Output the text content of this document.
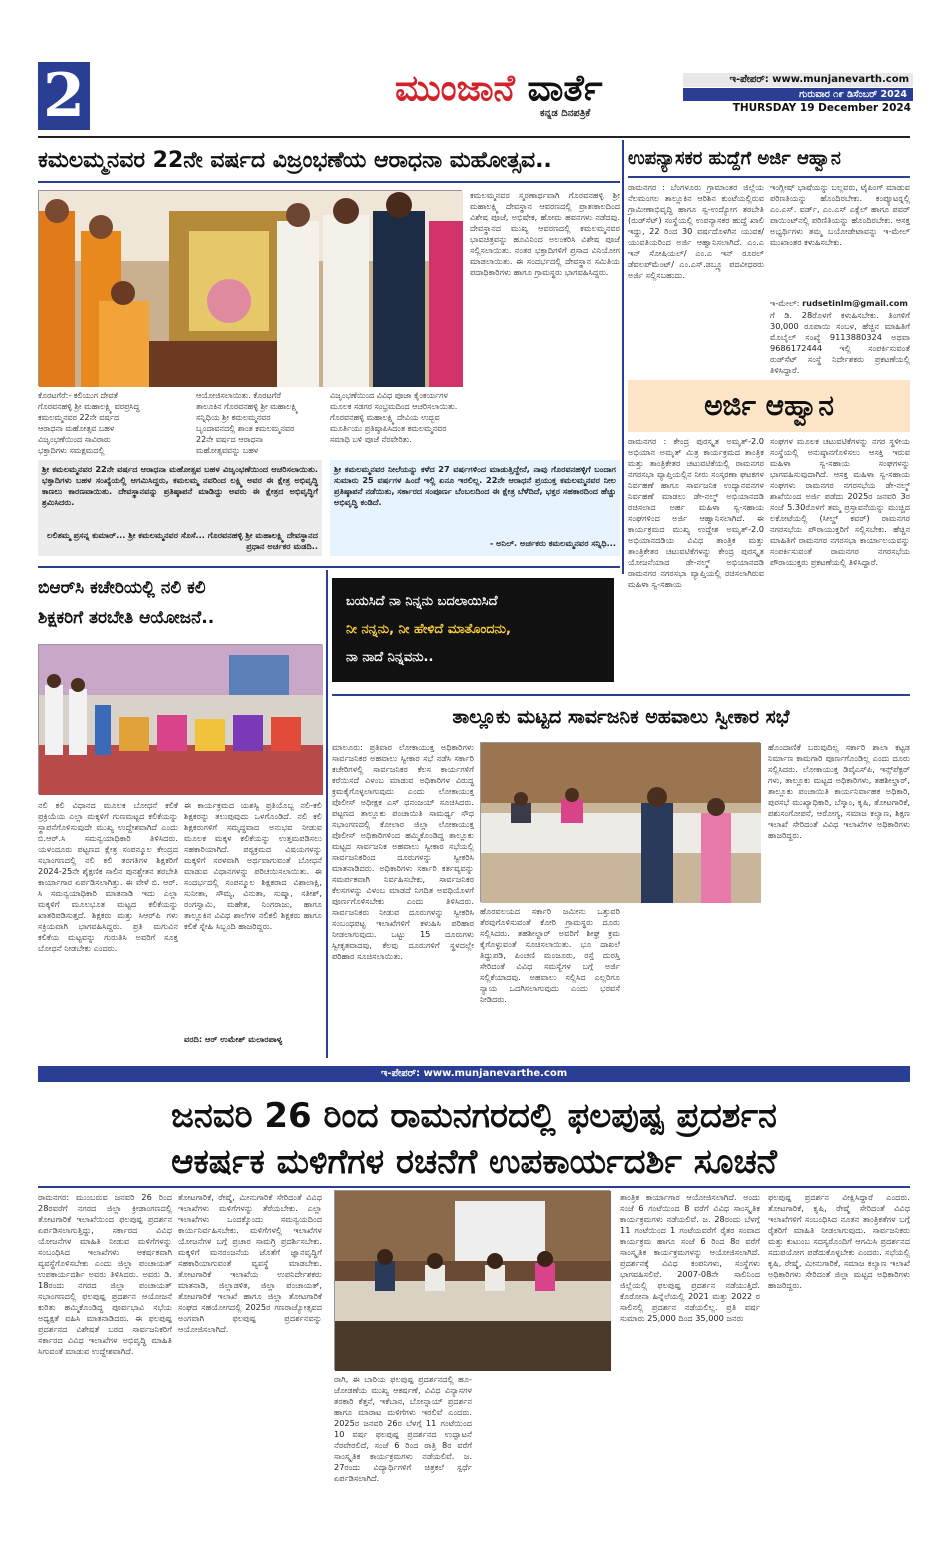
2	ಮುಂಜಾನೆ ವಾರ್ತೆ
ಕನ್ನಡ ದಿನಪತ್ರಿಕೆ
ಇ-ಪೇಪರ್: www.munjanevarth.com
ಗುರುವಾರ ೧೯ ಡಿಸೆಂಬರ್ 2024
THURSDAY 19 December 2024
ಕಮಲಮ್ಮನವರ 22ನೇ ವರ್ಷದ ವಿಜ್ರಂಭಣೆಯ ಆರಾಧನಾ ಮಹೋತ್ಸವ..
ಕೊರಟಗೆರೆ:- ಕಲಿಯುಗ ದೇವತೆ ಗೊರವನಹಳ್ಳಿ ಶ್ರೀ ಮಹಾಲಕ್ಷ್ಮಿ ವರಪ್ರಸಿದ್ಧ ಕಮಲಮ್ಮನವರ 22ನೇ ವರ್ಷದ ಆರಾಧನಾ ಮಹೋತ್ಸವ ಬಹಳ ವಿಜೃಂಭಣೆಯಿಂದ ಸಾವಿರಾರು ಭಕ್ತಾದಿಗಳು ಸಮಕ್ಷಮದಲ್ಲಿ
ಆಯೋಜಿಸಲಾಯಿತು. ಕೊರಟಗೆರೆ ತಾಲೂಕಿನ ಗೊರವನಹಳ್ಳಿ ಶ್ರೀ ಮಹಾಲಕ್ಷ್ಮಿ ಸನ್ನಿಧಿಯ ಶ್ರೀ ಕಮಲಮ್ಮನವರ ಬೃಂದಾವನದಲ್ಲಿ ಶಾಂತ ಕಮಲಮ್ಮನವರ 22ನೇ ವರ್ಷದ ಆರಾಧನಾ ಮಹೋತ್ಸವವನ್ನು ಬಹಳ
ಕಮಲಮ್ಮನವರ ಸ್ಮರಣಾರ್ಥವಾಗಿ ಗೊರವನಹಳ್ಳಿ ಶ್ರೀ ಮಹಾಲಕ್ಷ್ಮಿ ದೇವಸ್ಥಾನ ಆವರಣದಲ್ಲಿ ಪ್ರಾತಃಕಾಲದಿಂದ ವಿಶೇಷ ಪೂಜೆ, ಅಭಿಷೇಕ, ಹೋಮ ಹವನಗಳು ನಡೆದವು. ದೇವಸ್ಥಾನದ ಮುಖ್ಯ ಆವರಣದಲ್ಲಿ ಕಮಲಮ್ಮನವರ ಭಾವಚಿತ್ರವನ್ನು ಹೂವಿನಿಂದ ಅಲಂಕರಿಸಿ ವಿಶೇಷ ಪೂಜೆ ಸಲ್ಲಿಸಲಾಯಿತು. ನಂತರ ಭಕ್ತಾದಿಗಳಿಗೆ ಪ್ರಸಾದ ವಿನಿಯೋಗ ಮಾಡಲಾಯಿತು. ಈ ಸಂದರ್ಭದಲ್ಲಿ ದೇವಸ್ಥಾನ ಸಮಿತಿಯ ಪದಾಧಿಕಾರಿಗಳು ಹಾಗೂ ಗ್ರಾಮಸ್ಥರು ಭಾಗವಹಿಸಿದ್ದರು.
ವಿಜೃಂಭಣೆಯಿಂದ ವಿವಿಧ ಪೂಜಾ ಕೈಂಕರ್ಯಗಳ ಮೂಲಕ ಸಡಗರ ಸಂಭ್ರಮದಿಂದ ಆಚರಿಸಲಾಯಿತು. ಗೊರವನಹಳ್ಳಿ ಮಹಾಲಕ್ಷ್ಮಿ ದೇವಿಯ ಉದ್ಭವ ಮೂರ್ತಿಯು ಪ್ರತಿಷ್ಠಾಪಿಸಿದಂತ ಕಮಲಮ್ಮನವರ ಸಮಾಧಿ ಬಳಿ ಪೂಜೆ ನೆರವೇರಿತು.
ಶ್ರೀ ಕಮಲಮ್ಮನವರ 22ನೇ ವರ್ಷದ ಆರಾಧನಾ ಮಹೋತ್ಸವ ಬಹಳ ವಿಜೃಂಭಣೆಯಿಂದ ಆಚರಿಸಲಾಯಿತು. ಭಕ್ತಾದಿಗಳು ಬಹಳ ಸಂಖ್ಯೆಯಲ್ಲಿ ಆಗಮಿಸಿದ್ದರು, ಕಮಲಮ್ಮ ನವರಿಂದ ಲಕ್ಷ್ಮಿ ಅವರ ಈ ಕ್ಷೇತ್ರ ಅಭಿವೃದ್ಧಿ ಕಾಣಲು ಕಾರಣವಾಯಿತು. ದೇವಸ್ಥಾನವನ್ನು ಪ್ರತಿಷ್ಠಾಪನೆ ಮಾಡಿದ್ದು ಅವರು ಈ ಕ್ಷೇತ್ರದ ಅಭಿವೃದ್ಧಿಗೆ ಶ್ರಮಿಸಿದರು.
ಲಲಿತಮ್ಮ ಪ್ರಸನ್ನ ಕುಮಾರ್... ಶ್ರೀ ಕಮಲಮ್ಮನವರ ಸೊಸೆ... ಗೊರವನಹಳ್ಳಿ ಶ್ರೀ ಮಹಾಲಕ್ಷ್ಮಿ ದೇವಸ್ಥಾನದ ಪ್ರಧಾನ ಅರ್ಚಕರ ಮಡದಿ..
ಶ್ರೀ ಕಮಲಮ್ಮನವರ ನೀಲೆಯನ್ನು ಕಳೆದ 27 ವರ್ಷಗಳಿಂದ ಮಾಡುತ್ತಿದ್ದೇನೆ, ನಾವು ಗೊರವನಹಳ್ಳಿಗೆ ಬಂದಾಗ ಸುಮಾರು 25 ವರ್ಷಗಳ ಹಿಂದೆ ಇಲ್ಲಿ ಏನೂ ಇರಲಿಲ್ಲ. 22ನೇ ಆರಾಧನೆ ಪ್ರಯುಕ್ತ ಕಮಲಮ್ಮನವರ ನೀಲ ಪ್ರತಿಷ್ಠಾಪನೆ ನಡೆಯಿತು, ಸರ್ಕಾರದ ಸಂಪೂರ್ಣ ಬೆಂಬಲದಿಂದ ಈ ಕ್ಷೇತ್ರ ಬೆಳೆದಿದೆ, ಭಕ್ತರ ಸಹಕಾರದಿಂದ ಹೆಚ್ಚು ಅಭಿವೃದ್ಧಿ ಕಂಡಿದೆ.
- ಅನಿಲ್. ಅರ್ಚಕರು ಕಮಲಮ್ಮನವರ ಸನ್ನಿಧಿ...
ಉಪನ್ಯಾಸಕರ ಹುದ್ದೆಗೆ ಅರ್ಜಿ ಆಹ್ವಾನ
ರಾಮನಗರ : ಬೆಂಗಳೂರು ಗ್ರಾಮಾಂತರ ಜಿಲ್ಲೆಯ ನೆಲಮಂಗಲ ತಾಲ್ಲೂಕಿನ ಆರಿಶಿನ ಕುಂಟೆಯಲ್ಲಿರುವ ಗ್ರಾಮೀಣಾಭಿವೃದ್ಧಿ ಹಾಗೂ ಸ್ವ-ಉದ್ಯೋಗ ತರಬೇತಿ (ರುಡ್‍ಸೆಟ್) ಸಂಸ್ಥೆಯಲ್ಲಿ ಉಪನ್ಯಾಸಕರ ಹುದ್ದೆ ಖಾಲಿ ಇದ್ದು, 22 ರಿಂದ 30 ವರ್ಷದೊಳಗಿನ ಯುವಕ/ಯುವತಿಯರಿಂದ ಅರ್ಜಿ ಆಹ್ವಾನಿಸಲಾಗಿದೆ. ಎಂ.ಎ ಇನ್ ಸೋಷಿಯಲ್/ ಎಂ.ಎ ಇನ್ ರೂರಲ್ ಡೆವಲಪ್‍ಮೆಂಟ್/ ಎಂ.ಎಸ್.ಡಬ್ಲ್ಯೂ ಪದವೀಧರರು ಅರ್ಜಿ ಸಲ್ಲಿಸಬಹುದು.
ಇಂಗ್ಲೀಷ್ ಭಾಷೆಯನ್ನು ಬಲ್ಲವರು, ಟೈಪಿಂಗ್ ಮಾಡುವ ಪರಿಣತಿಯನ್ನು ಹೊಂದಿರಬೇಕು. ಕಂಪ್ಯೂಟರ್‍ನಲ್ಲಿ ಎಂ.ಎಸ್. ವರ್ಡ್, ಎಂ.ಎಸ್ ಎಕ್ಸೆಲ್ ಹಾಗೂ ಪವರ್ ಪಾಯಿಂಟ್‍ನಲ್ಲಿ ಪರಿಣಿತಿಯನ್ನು ಹೊಂದಿರಬೇಕು. ಆಸಕ್ತ ಅಭ್ಯರ್ಥಿಗಳು ತಮ್ಮ ಬಯೋಡೇಟಾವನ್ನು ಇ-ಮೇಲ್ ಮುಖಾಂತರ ಕಳುಹಿಸಬೇಕು.
ಇ-ಮೇಲ್: rudsetinlm@gmail.com
ಗೆ ಡಿ. 28ರೊಳಗೆ ಕಳುಹಿಸಬೇಕು. ತಿಂಗಳಿಗೆ 30,000 ರೂಪಾಯಿ ಸಂಬಳ, ಹೆಚ್ಚಿನ ಮಾಹಿತಿಗೆ ಮೊಬೈಲ್ ಸಂಖ್ಯೆ 9113880324 ಅಥವಾ 9686172444 ಇಲ್ಲಿ ಸಂಪರ್ಕಿಸುವಂತೆ ರುಡ್‍ಸೆಟ್ ಸಂಸ್ಥೆ ನಿರ್ದೇಶಕರು ಪ್ರಕಟಣೆಯಲ್ಲಿ ತಿಳಿಸಿದ್ದಾರೆ.
ಅರ್ಜಿ ಆಹ್ವಾನ
ರಾಮನಗರ : ಕೇಂದ್ರ ಪುರಸ್ಕೃತ ಅಮೃತ್-2.0 ಅಭಿಯಾನ ಅಮೃತ್ ಮಿತ್ರ ಕಾರ್ಯಕ್ರಮದ ತಾಂತ್ರಿಕ ಮತ್ತು ತಾಂತ್ರಿಕೇತರ ಚಟುವಟಿಕೆಯಲ್ಲಿ ರಾಮನಗರ ನಗರಸಭಾ ವ್ಯಾಪ್ತಿಯಲ್ಲಿನ ನೀರು ಸಂಸ್ಕರಣಾ ಘಟಕಗಳ ನಿರ್ವಹಣೆ ಹಾಗೂ ಸಾರ್ವಜನಿಕ ಉದ್ಯಾನವನಗಳ ನಿರ್ವಹಣೆ ಮಾಡಲು ಡೇ-ನಲ್ಮ್ ಅಭಿಯಾನದಡಿ ರಚಿಸಲಾದ ಅರ್ಹ ಮಹಿಳಾ ಸ್ವ-ಸಹಾಯ ಸಂಘಗಳಿಂದ ಅರ್ಜಿ ಆಹ್ವಾನಿಸಲಾಗಿದೆ. ಈ ಕಾರ್ಯಕ್ರಮದ ಮುಖ್ಯ ಉದ್ದೇಶ ಅಮೃತ್-2.0 ಅಭಿಯಾನದಡಿಯ ವಿವಿಧ ತಾಂತ್ರಿಕ ಮತ್ತು ತಾಂತ್ರಿಕೇತರ ಚಟುವಟಿಕೆಗಳನ್ನು ಕೇಂದ್ರ ಪುರಸ್ಕೃತ ಯೋಜನೆಯಾದ ಡೇ-ನಲ್ಮ್ ಅಭಿಯಾನದಡಿ ರಾಮನಗರ ನಗರಸಭಾ ವ್ಯಾಪ್ತಿಯಲ್ಲಿ ರಚಿಸಲಾಗಿರುವ ಮಹಿಳಾ ಸ್ವ-ಸಹಾಯ
ಸಂಘಗಳ ಮೂಲಕ ಚಟುವಟಿಕೆಗಳನ್ನು ನಗರ ಸ್ಥಳೀಯ ಸಂಸ್ಥೆಯಲ್ಲಿ ಅನುಷ್ಠಾನಗೊಳಿಸಲು ಆಸಕ್ತಿ ಇರುವ ಮಹಿಳಾ ಸ್ವ-ಸಹಾಯ ಸಂಘಗಳನ್ನು ಭಾಗವಹಿಸುವುದಾಗಿದೆ. ಆಸಕ್ತ ಮಹಿಳಾ ಸ್ವ-ಸಹಾಯ ಸಂಘಗಳು ರಾಮನಗರ ನಗರಸಭೆಯ ಡೇ-ನಲ್ಮ್ ಶಾಖೆಯಿಂದ ಅರ್ಜಿ ಪಡೆದು 2025ರ ಜನವರಿ 3ರ ಸಂಜೆ 5.30ರೊಳಗೆ ತಮ್ಮ ಪ್ರಸ್ತಾವನೆಯನ್ನು ಮುಚ್ಚಿದ ಲಕೋಟೆಯಲ್ಲಿ (ಸೀಲ್ಡ್ ಕವರ್) ರಾಮನಗರ ನಗರಸಭೆಯ ಪೌರಾಯುಕ್ತರಿಗೆ ಸಲ್ಲಿಸಬೇಕು. ಹೆಚ್ಚಿನ ಮಾಹಿತಿಗೆ ರಾಮನಗರ ನಗರಸಭಾ ಕಾರ್ಯಾಲಯವನ್ನು ಸಂಪರ್ಕಿಸುವಂತೆ ರಾಮನಗರ ನಗರಸಭೆಯ ಪೌರಾಯುಕ್ತರು ಪ್ರಕಟಣೆಯಲ್ಲಿ ತಿಳಿಸಿದ್ದಾರೆ.
ಬಿಆರ್‌ಸಿ ಕಚೇರಿಯಲ್ಲಿ ನಲಿ ಕಲಿ
ಶಿಕ್ಷಕರಿಗೆ ತರಬೇತಿ ಆಯೋಜನೆ..
ನಲಿ ಕಲಿ ವಿಧಾನದ ಮೂಲಕ ಬೋಧನೆ ಕಲಿಕೆ ಪ್ರಕ್ರಿಯೆಯ ಎಲ್ಲಾ ಮಕ್ಕಳಿಗೆ ಗುಣಮಟ್ಟದ ಕಲಿಕೆಯನ್ನು ಸ್ಥಾಪನೆಗೊಳಿಸುವುದೇ ಮುಖ್ಯ ಉದ್ದೇಶವಾಗಿದೆ ಎಂದು ಬಿ.ಆರ್.ಸಿ ಸಮನ್ವಯಾಧಿಕಾರಿ ತಿಳಿಸಿದರು. ಯಳಂದೂರು ಪಟ್ಟಣದ ಕ್ಷೇತ್ರ ಸಂಪನ್ಮೂಲ ಕೇಂದ್ರದ ಸಭಾಂಗಣದಲ್ಲಿ ನಲಿ ಕಲಿ ತರಗತಿಗಳ ಶಿಕ್ಷಕರಿಗೆ 2024-25ನೇ ಶೈಕ್ಷಣಿಕ ಸಾಲಿನ ಪುನಶ್ಚೇತನ ತರಬೇತಿ ಕಾರ್ಯಾಗಾರ ಏರ್ಪಡಿಸಲಾಗಿತ್ತು. ಈ ವೇಳೆ ಬಿ. ಆರ್. ಸಿ ಸಮನ್ವಯಾಧಿಕಾರಿ ಮಾತನಾಡಿ ಇದು ಎಲ್ಲಾ ಮಕ್ಕಳಿಗೆ ಮೂಲಭೂತ ಮಟ್ಟದ ಕಲಿಕೆಯನ್ನು ಖಾತರಿಪಡಿಸುತ್ತದೆ. ಶಿಕ್ಷಕರು ಮತ್ತು ಸಿಆರ್‌ಪಿ ಗಳು ಸಕ್ರಿಯವಾಗಿ ಭಾಗವಹಿಸಿದ್ದರು. ಪ್ರತಿ ಮಗುವಿನ ಕಲಿಕೆಯ ಮಟ್ಟವನ್ನು ಗುರುತಿಸಿ ಅವರಿಗೆ ಸೂಕ್ತ ಬೋಧನೆ ನೀಡಬೇಕು ಎಂದರು.
ಈ ಕಾರ್ಯಕ್ರಮದ ಯಶಸ್ವಿ ಪ್ರತಿಯೊಬ್ಬ ನಲಿ-ಕಲಿ ಶಿಕ್ಷಕರನ್ನು ತಲುಪುವುದು ಒಳಗೊಂಡಿದೆ. ನಲಿ ಕಲಿ ಶಿಕ್ಷಕರುಗಳಿಗೆ ಸಮೃದ್ಧವಾದ ಅನುಭವ ನೀಡುವ ಮೂಲಕ ಮಕ್ಕಳ ಕಲಿಕೆಯನ್ನು ಉತ್ತಮಪಡಿಸಲು ಸಹಕಾರಿಯಾಗಿದೆ. ಪಠ್ಯಕ್ರಮದ ವಿಷಯಗಳನ್ನು ಮಕ್ಕಳಿಗೆ ಸರಳವಾಗಿ ಅರ್ಥವಾಗುವಂತೆ ಬೋಧನೆ ಮಾಡುವ ವಿಧಾನಗಳನ್ನು ಪರಿಚಯಿಸಲಾಯಿತು. ಈ ಸಂದರ್ಭದಲ್ಲಿ ಸಂಪನ್ಮೂಲ ಶಿಕ್ಷಕರಾದ ವಿಶಾಲಾಕ್ಷಿ, ಸುನೀತಾ, ಸೌಮ್ಯ, ವಿನುತಾ, ಸುಷ್ಮಾ, ಸತೀಶ್, ರಂಗಸ್ವಾಮಿ, ಮಹೇಶ, ನಿಂಗರಾಜು, ಹಾಗೂ ತಾಲ್ಲೂಕಿನ ವಿವಿಧ ಶಾಲೆಗಳ ನಲಿಕಲಿ ಶಿಕ್ಷಕರು ಹಾಗೂ ಕಲಿಕೆ ಸ್ನೇಹಿ ಸಿಬ್ಬಂದಿ ಹಾಜರಿದ್ದರು.
ವರದಿ: ಆರ್ ಉಮೇಶ್ ಮಲಾರಪಾಳ್ಯ
ಬಯಸಿದೆ ನಾ ನಿನ್ನನು ಬದಲಾಯಿಸಿದೆ
ನೀ ನನ್ನನು, ನೀ ಹೇಳಿದೆ ಮಾತೊಂದನು,
ನಾ ನಾದೆ ನಿನ್ನವನು..
ತಾಲ್ಲೂಕು ಮಟ್ಟದ ಸಾರ್ವಜನಿಕ ಅಹವಾಲು ಸ್ವೀಕಾರ ಸಭೆ
ಮಾಲೂರು: ಪ್ರತಿವಾರ ಲೋಕಾಯುಕ್ತ ಅಧಿಕಾರಿಗಳು ಸಾರ್ವಜನಿಕರ ಅಹವಾಲು ಸ್ವೀಕಾರ ಸಭೆ ನಡೆಸಿ ಸರ್ಕಾರಿ ಕಚೇರಿಗಳಲ್ಲಿ ಸಾರ್ವಜನಿಕರ ಕೆಲಸ ಕಾರ್ಯಗಳಿಗೆ ಕರೆಯಿಸದೆ ವಿಳಂಬ ಮಾಡುವ ಅಧಿಕಾರಿಗಳ ವಿರುದ್ಧ ಕ್ರಮಕೈಗೊಳ್ಳಲಾಗುವುದು ಎಂದು ಲೋಕಾಯುಕ್ತ ಪೊಲೀಸ್ ಅಧೀಕ್ಷಕ ಎಸ್ ಧನಂಜಯ್ ಸೂಚಿಸಿದರು. ಪಟ್ಟಣದ ತಾಲ್ಲೂಕು ಪಂಚಾಯಿತಿ ಸಾಮರ್ಥ್ಯ ಸೌಧ ಸಭಾಂಗಣದಲ್ಲಿ ಕೋಲಾರ ಜಿಲ್ಲಾ ಲೋಕಾಯುಕ್ತ ಪೊಲೀಸ್ ಅಧಿಕಾರಿಗಳಿಂದ ಹಮ್ಮಿಕೊಂಡಿದ್ದ ತಾಲ್ಲೂಕು ಮಟ್ಟದ ಸಾರ್ವಜನಿಕ ಅಹವಾಲು ಸ್ವೀಕಾರ ಸಭೆಯಲ್ಲಿ ಸಾರ್ವಜನಿಕರಿಂದ ದೂರುಗಳನ್ನು ಸ್ವೀಕರಿಸಿ ಮಾತನಾಡಿದರು. ಅಧಿಕಾರಿಗಳು ಸರ್ಕಾರಿ ಕರ್ತವ್ಯವನ್ನು ಸಮರ್ಪಕವಾಗಿ ನಿರ್ವಹಿಸಬೇಕು, ಸಾರ್ವಜನಿಕರ ಕೆಲಸಗಳನ್ನು ವಿಳಂಬ ಮಾಡದೆ ನಿಗದಿತ ಅವಧಿಯೊಳಗೆ ಪೂರ್ಣಗೊಳಿಸಬೇಕು ಎಂದು ತಿಳಿಸಿದರು. ಸಾರ್ವಜನಿಕರು ನೀಡುವ ದೂರುಗಳನ್ನು ಸ್ವೀಕರಿಸಿ ಸಂಬಂಧಪಟ್ಟ ಇಲಾಖೆಗಳಿಗೆ ಕಳುಹಿಸಿ ಪರಿಹಾರ ನೀಡಲಾಗುವುದು. ಒಟ್ಟು 15 ದೂರುಗಳು ಸ್ವೀಕೃತವಾದವು, ಕೆಲವು ದೂರುಗಳಿಗೆ ಸ್ಥಳದಲ್ಲೇ ಪರಿಹಾರ ಸೂಚಿಸಲಾಯಿತು.
ಹೊರವಲಯದ ಸರ್ಕಾರಿ ಜಮೀನು ಒತ್ತುವರಿ ತೆರವುಗೊಳಿಸುವಂತೆ ಕೋರಿ ಗ್ರಾಮಸ್ಥರು ದೂರು ಸಲ್ಲಿಸಿದರು. ತಹಶೀಲ್ದಾರ್ ಅವರಿಗೆ ಶೀಘ್ರ ಕ್ರಮ ಕೈಗೊಳ್ಳುವಂತೆ ಸೂಚಿಸಲಾಯಿತು. ಭೂ ದಾಖಲೆ ತಿದ್ದುಪಡಿ, ಪಿಂಚಣಿ ಮಂಜೂರು, ರಸ್ತೆ ದುರಸ್ತಿ ಸೇರಿದಂತೆ ವಿವಿಧ ಸಮಸ್ಯೆಗಳ ಬಗ್ಗೆ ಅರ್ಜಿ ಸಲ್ಲಿಕೆಯಾದವು. ಅಹವಾಲು ಸಲ್ಲಿಸಿದ ಎಲ್ಲರಿಗೂ ನ್ಯಾಯ ಒದಗಿಸಲಾಗುವುದು ಎಂದು ಭರವಸೆ ನೀಡಿದರು.
ಹೊಂದಾಣಿಕೆ ಬರುವುದಿಲ್ಲ ಸರ್ಕಾರಿ ಶಾಲಾ ಕಟ್ಟಡ ನಿರ್ಮಾಣ ಕಾಮಗಾರಿ ಪೂರ್ಣಗೊಂಡಿಲ್ಲ ಎಂದು ದೂರು ಸಲ್ಲಿಸಿದರು. ಲೋಕಾಯುಕ್ತ ಡಿವೈಎಸ್‌ಪಿ, ಇನ್ಸ್‌ಪೆಕ್ಟರ್ ಗಳು, ತಾಲ್ಲೂಕು ಮಟ್ಟದ ಅಧಿಕಾರಿಗಳು, ತಹಶೀಲ್ದಾರ್, ತಾಲ್ಲೂಕು ಪಂಚಾಯಿತಿ ಕಾರ್ಯನಿರ್ವಾಹಕ ಅಧಿಕಾರಿ, ಪುರಸಭೆ ಮುಖ್ಯಾಧಿಕಾರಿ, ಬೆಸ್ಕಾಂ, ಕೃಷಿ, ತೋಟಗಾರಿಕೆ, ಪಶುಸಂಗೋಪನೆ, ಆರೋಗ್ಯ, ಸಮಾಜ ಕಲ್ಯಾಣ, ಶಿಕ್ಷಣ ಇಲಾಖೆ ಸೇರಿದಂತೆ ವಿವಿಧ ಇಲಾಖೆಗಳ ಅಧಿಕಾರಿಗಳು ಹಾಜರಿದ್ದರು.
ಇ-ಪೇಪರ್: www.munjanevarthe.com
ಜನವರಿ 26 ರಿಂದ ರಾಮನಗರದಲ್ಲಿ ಫಲಪುಷ್ಪ ಪ್ರದರ್ಶನ
ಆಕರ್ಷಕ ಮಳಿಗೆಗಳ ರಚನೆಗೆ ಉಪಕಾರ್ಯದರ್ಶಿ ಸೂಚನೆ
ರಾಮನಗರ: ಮುಂಬರುವ ಜನವರಿ 26 ರಿಂದ 28ರವರೆಗೆ ನಗರದ ಜಿಲ್ಲಾ ಕ್ರೀಡಾಂಗಣದಲ್ಲಿ ತೋಟಗಾರಿಕೆ ಇಲಾಖೆಯಿಂದ ಫಲಪುಷ್ಪ ಪ್ರದರ್ಶನ ಏರ್ಪಡಿಸಲಾಗುತ್ತಿದ್ದು, ಸರ್ಕಾರದ ವಿವಿಧ ಯೋಜನೆಗಳ ಮಾಹಿತಿ ನೀಡುವ ಮಳಿಗೆಗಳನ್ನು ಸಂಬಂಧಿಸಿದ ಇಲಾಖೆಗಳು ಆಕರ್ಷಕವಾಗಿ ವ್ಯವಸ್ಥೆಗೊಳಿಸಬೇಕು ಎಂದು ಜಿಲ್ಲಾ ಪಂಚಾಯತ್ ಉಪಕಾರ್ಯದರ್ಶಿ ಅವರು ತಿಳಿಸಿದರು. ಅವರು ಡಿ. 18ರಂದು ನಗರದ ಜಿಲ್ಲಾ ಪಂಚಾಯತ್ ಸಭಾಂಗಣದಲ್ಲಿ ಫಲಪುಷ್ಪ ಪ್ರದರ್ಶನ ಆಯೋಜನೆ ಕುರಿತು ಹಮ್ಮಿಕೊಂಡಿದ್ದ ಪೂರ್ವಭಾವಿ ಸಭೆಯ ಅಧ್ಯಕ್ಷತೆ ವಹಿಸಿ ಮಾತನಾಡಿದರು. ಈ ಫಲಪುಷ್ಪ ಪ್ರದರ್ಶನದ ವಿಶೇಷತೆ ಬರದ ಸಾರ್ವಜನಿಕರಿಗೆ ಸರ್ಕಾರದ ವಿವಿಧ ಇಲಾಖೆಗಳ ಅಭಿವೃದ್ಧಿ ಮಾಹಿತಿ ಸಿಗುವಂತೆ ಮಾಡುವ ಉದ್ದೇಶವಾಗಿದೆ.
ತೋಟಗಾರಿಕೆ, ರೇಷ್ಮೆ, ಮೀನುಗಾರಿಕೆ ಸೇರಿದಂತೆ ವಿವಿಧ ಇಲಾಖೆಗಳು ಮಳಿಗೆಗಳನ್ನು ತೆರೆಯಬೇಕು. ಎಲ್ಲಾ ಇಲಾಖೆಗಳು ಒಂದಕ್ಕೊಂದು ಸಮನ್ವಯದಿಂದ ಕಾರ್ಯನಿರ್ವಹಿಸಬೇಕು. ಮಳಿಗೆಗಳಲ್ಲಿ ಇಲಾಖೆಗಳ ಯೋಜನೆಗಳ ಬಗ್ಗೆ ಪ್ರಚಾರ ಸಾಮಗ್ರಿ ಪ್ರದರ್ಶಿಸಬೇಕು. ಮಕ್ಕಳಿಗೆ ಮನರಂಜನೆಯ ಜೊತೆಗೆ ಜ್ಞಾನವೃದ್ಧಿಗೆ ಸಹಕಾರಿಯಾಗುವಂತೆ ವ್ಯವಸ್ಥೆ ಮಾಡಬೇಕು. ತೋಟಗಾರಿಕೆ ಇಲಾಖೆಯ ಉಪನಿರ್ದೇಶಕರು ಮಾತನಾಡಿ, ಜಿಲ್ಲಾಡಳಿತ, ಜಿಲ್ಲಾ ಪಂಚಾಯತ್, ತೋಟಗಾರಿಕೆ ಇಲಾಖೆ ಹಾಗೂ ಜಿಲ್ಲಾ ತೋಟಗಾರಿಕೆ ಸಂಘದ ಸಹಯೋಗದಲ್ಲಿ 2025ರ ಗಣರಾಜ್ಯೋತ್ಸವದ ಅಂಗವಾಗಿ ಫಲಪುಷ್ಪ ಪ್ರದರ್ಶನವನ್ನು ಆಯೋಜಿಸಲಾಗಿದೆ.
ರಾಗಿ, ಈ ಬಾರಿಯ ಫಲಪುಷ್ಪ ಪ್ರದರ್ಶನದಲ್ಲಿ ಹೂ-ಜೋಡಣೆಯ ಮುಖ್ಯ ಆಕರ್ಷಣೆ, ವಿವಿಧ ವಿನ್ಯಾಸಗಳ ತರಕಾರಿ ಕೆತ್ತನೆ, ಇಕೆಬಾನ, ಬೋನ್ಸಾಯ್ ಪ್ರದರ್ಶನ ಹಾಗೂ ಮಾರಾಟ ಮಳಿಗೆಗಳು ಇರಲಿವೆ ಎಂದರು. 2025ರ ಜನವರಿ 26ರ ಬೆಳಗ್ಗೆ 11 ಗಂಟೆಯಿಂದ 10 ವರ್ಷ ಫಲಪುಷ್ಪ ಪ್ರದರ್ಶನದ ಉದ್ಘಾಟನೆ ನೆರವೇರಲಿದೆ, ಸಂಜೆ 6 ರಿಂದ ರಾತ್ರಿ 8ರ ವರೆಗೆ ಸಾಂಸ್ಕೃತಿಕ ಕಾರ್ಯಕ್ರಮಗಳು ನಡೆಯಲಿವೆ. ಜ. 27ರಂದು ವಿದ್ಯಾರ್ಥಿಗಳಿಗೆ ಚಿತ್ರಕಲೆ ಸ್ಪರ್ಧೆ ಏರ್ಪಡಿಸಲಾಗಿದೆ.
ತಾಂತ್ರಿಕ ಕಾರ್ಯಾಗಾರ ಆಯೋಜಿಸಲಾಗಿದೆ. ಅಂದು ಸಂಜೆ 6 ಗಂಟೆಯಿಂದ 8 ವರೆಗೆ ವಿವಿಧ ಸಾಂಸ್ಕೃತಿಕ ಕಾರ್ಯಕ್ರಮಗಳು ನಡೆಯಲಿವೆ. ಜ. 28ರಂದು ಬೆಳಗ್ಗೆ 11 ಗಂಟೆಯಿಂದ 1 ಗಂಟೆಯವರೆಗೆ ರೈತರ ಸಂವಾದ ಕಾರ್ಯಕ್ರಮ ಹಾಗೂ ಸಂಜೆ 6 ರಿಂದ 8ರ ವರೆಗೆ ಸಾಂಸ್ಕೃತಿಕ ಕಾರ್ಯಕ್ರಮಗಳನ್ನು ಆಯೋಜಿಸಲಾಗಿದೆ. ಪ್ರದರ್ಶನಕ್ಕೆ ವಿವಿಧ ಕಂಪನಿಗಳು, ಸಂಸ್ಥೆಗಳು ಭಾಗವಹಿಸಲಿವೆ. 2007-08ನೇ ಸಾಲಿನಿಂದ ಜಿಲ್ಲೆಯಲ್ಲಿ ಫಲಪುಷ್ಪ ಪ್ರದರ್ಶನ ನಡೆಯುತ್ತಿದೆ. ಕೊರೋನಾ ಹಿನ್ನೆಲೆಯಲ್ಲಿ 2021 ಮತ್ತು 2022 ರ ಸಾಲಿನಲ್ಲಿ ಪ್ರದರ್ಶನ ನಡೆಯಲಿಲ್ಲ. ಪ್ರತಿ ವರ್ಷ ಸುಮಾರು 25,000 ದಿಂದ 35,000 ಜನರು
ಫಲಪುಷ್ಪ ಪ್ರದರ್ಶನ ವೀಕ್ಷಿಸಿದ್ದಾರೆ ಎಂದರು. ತೋಟಗಾರಿಕೆ, ಕೃಷಿ, ರೇಷ್ಮೆ ಸೇರಿದಂತೆ ವಿವಿಧ ಇಲಾಖೆಗಳಿಗೆ ಸಂಬಂಧಿಸಿದ ನೂತನ ತಾಂತ್ರಿಕತೆಗಳ ಬಗ್ಗೆ ರೈತರಿಗೆ ಮಾಹಿತಿ ನೀಡಲಾಗುವುದು. ಸಾರ್ವಜನಿಕರು ಮತ್ತು ಕುಟುಂಬ ಸದಸ್ಯರೊಂದಿಗೆ ಆಗಮಿಸಿ ಪ್ರದರ್ಶನದ ಸದುಪಯೋಗ ಪಡೆದುಕೊಳ್ಳಬೇಕು ಎಂದರು. ಸಭೆಯಲ್ಲಿ ಕೃಷಿ, ರೇಷ್ಮೆ, ಮೀನುಗಾರಿಕೆ, ಸಮಾಜ ಕಲ್ಯಾಣ ಇಲಾಖೆ ಅಧಿಕಾರಿಗಳು ಸೇರಿದಂತೆ ಜಿಲ್ಲಾ ಮಟ್ಟದ ಅಧಿಕಾರಿಗಳು ಹಾಜರಿದ್ದರು.
